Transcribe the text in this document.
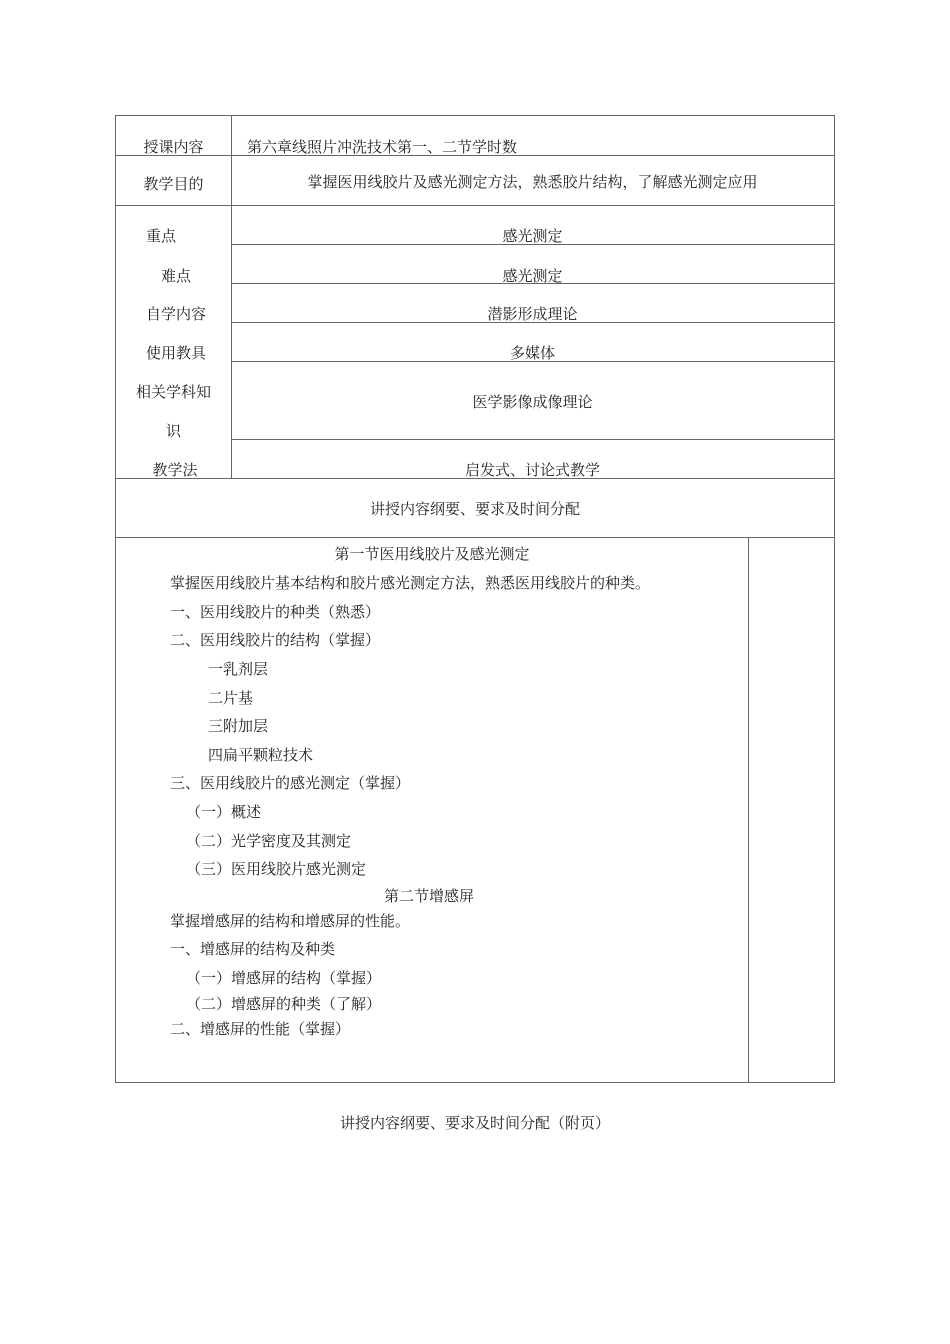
授课内容
教学目的
重点
难点
自学内容
使用教具
相关学科知
识
教学法
第六章线照片冲洗技术第一、二节学时数
掌握医用线胶片及感光测定方法，熟悉胶片结构，了解感光测定应用
感光测定
感光测定
潜影形成理论
多媒体
医学影像成像理论
启发式、讨论式教学
讲授内容纲要、要求及时间分配
第一节医用线胶片及感光测定
掌握医用线胶片基本结构和胶片感光测定方法，熟悉医用线胶片的种类。
一、医用线胶片的种类（熟悉）
二、医用线胶片的结构（掌握）
一乳剂层
二片基
三附加层
四扁平颗粒技术
三、医用线胶片的感光测定（掌握）
（一）概述
（二）光学密度及其测定
（三）医用线胶片感光测定
第二节增感屏
掌握增感屏的结构和增感屏的性能。
一、增感屏的结构及种类
（一）增感屏的结构（掌握）
（二）增感屏的种类（了解）
二、增感屏的性能（掌握）
讲授内容纲要、要求及时间分配（附页）
